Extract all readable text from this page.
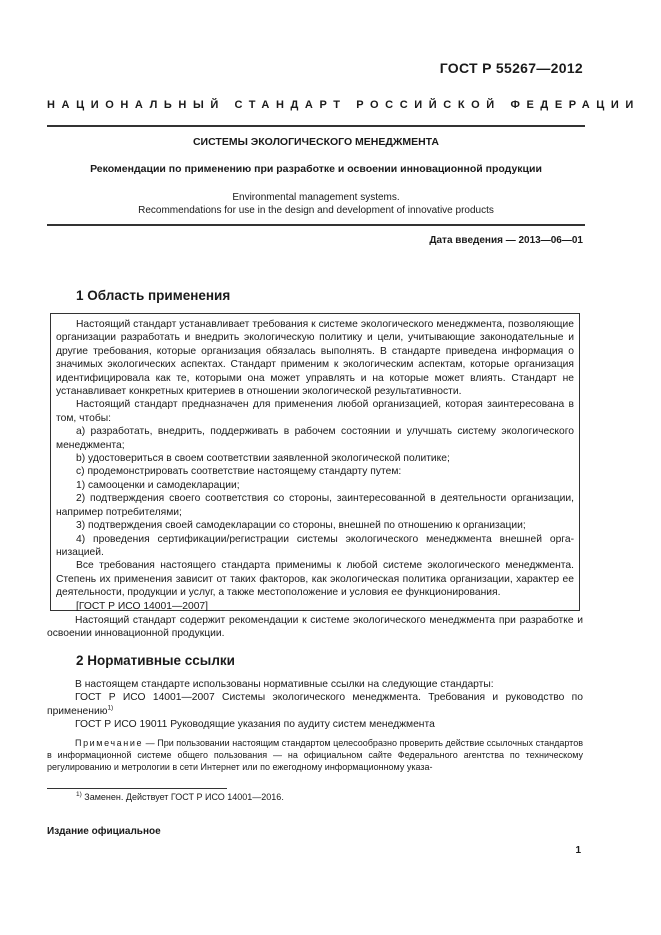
ГОСТ Р 55267—2012
НАЦИОНАЛЬНЫЙ СТАНДАРТ РОССИЙСКОЙ ФЕДЕРАЦИИ
СИСТЕМЫ ЭКОЛОГИЧЕСКОГО МЕНЕДЖМЕНТА
Рекомендации по применению при разработке и освоении инновационной продукции
Environmental management systems.
Recommendations for use in the design and development of innovative products
Дата введения — 2013—06—01
1 Область применения

Настоящий стандарт устанавливает требования к системе экологического менеджмента, позволяющие организации разработать и внедрить экологическую политику и цели, учитывающие законодательные и другие требования, которые организация обязалась выполнять. В стандарте приведена информация о значимых экологических аспектах. Стандарт применим к экологическим аспектам, которые организация идентифицировала как те, которыми она может управлять и на которые может влиять. Стандарт не устанавливает конкретных критериев в отношении экологической результативности.

Настоящий стандарт предназначен для применения любой организацией, которая заинтересована в том, чтобы:

a) разработать, внедрить, поддерживать в рабочем состоянии и улучшать систему экологического менеджмента;

b) удостовериться в своем соответствии заявленной экологической политике;

c) продемонстрировать соответствие настоящему стандарту путем:

1) самооценки и самодекларации;

2) подтверждения своего соответствия со стороны, заинтересованной в деятельности организации, например потребителями;

3) подтверждения своей самодекларации со стороны, внешней по отношению к организации;

4) проведения сертификации/регистрации системы экологического менеджмента внешней организацией.

Все требования настоящего стандарта применимы к любой системе экологического менеджмента. Степень их применения зависит от таких факторов, как экологическая политика организации, характер ее деятельности, продукции и услуг, а также местоположение и условия ее функционирования.

[ГОСТ Р ИСО 14001—2007]

Настоящий стандарт содержит рекомендации к системе экологического менеджмента при разработке и освоении инновационной продукции.

2 Нормативные ссылки

В настоящем стандарте использованы нормативные ссылки на следующие стандарты:

ГОСТ Р ИСО 14001—2007 Системы экологического менеджмента. Требования и руководство по применению$^{1)}$

ГОСТ Р ИСО 19011 Руководящие указания по аудиту систем менеджмента

Примечание — При пользовании настоящим стандартом целесообразно проверить действие ссылочных стандартов в информационной системе общего пользования — на официальном сайте Федерального агентства по техническому регулированию и метрологии в сети Интернет или по ежегодному информационному указа-

$^{1)}$ Заменен. Действует ГОСТ Р ИСО 14001—2016.
Издание официальное
1
